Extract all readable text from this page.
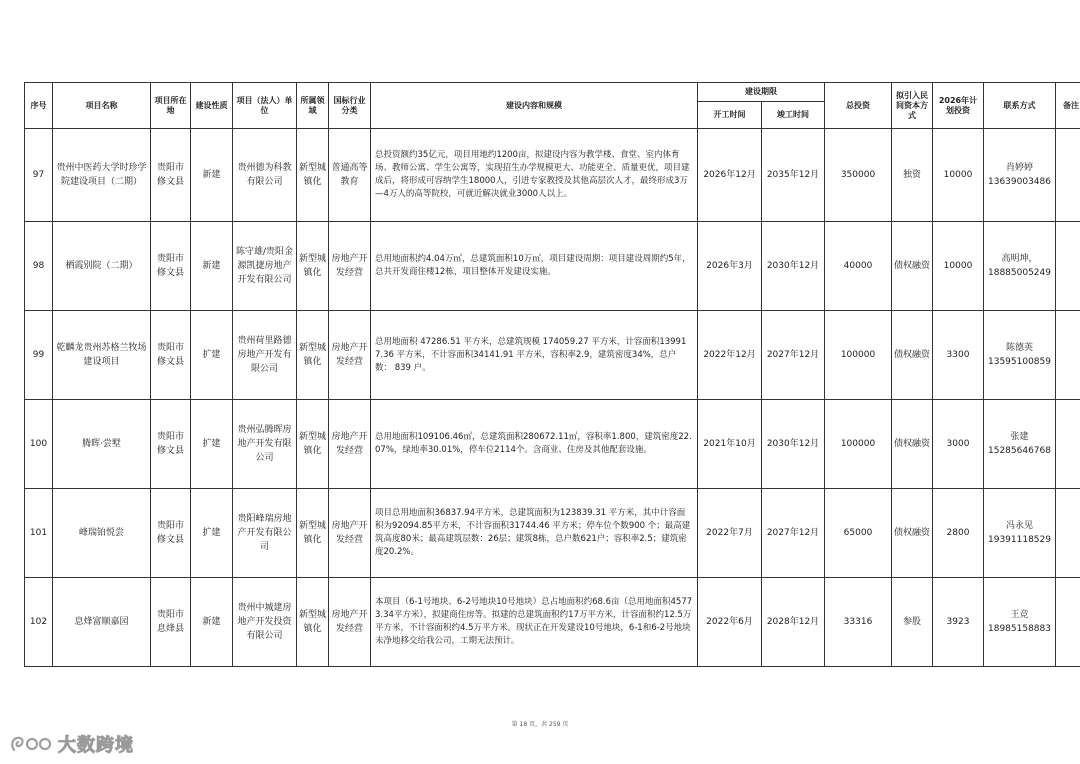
序号	项目名称	项目所在地	建设性质	项目（法人）单位	所属领域	国标行业分类	建设内容和规模	建设期限		总投资	拟引入民间资本方式	2026年计划投资	联系方式	备注
								开工时间	竣工时间					
97	贵州中医药大学时珍学院建设项目（二期）	贵阳市修文县	新建	贵州德为科教有限公司	新型城镇化	普通高等教育	总投资额约35亿元，项目用地约1200亩，拟建设内容为教学楼、食堂、室内体育场、教师公寓、学生公寓等，实现招生办学规模更大、功能更全、质量更优，项目建成后，将形成可容纳学生18000人，引进专家教授及其他高层次人才，最终形成3万—4万人的高等院校，可就近解决就业3000人以上。	2026年12月	2035年12月	350000	独资	10000	肖婷婷
13639003486	

98	栖霞别院（二期）	贵阳市修文县	新建	陈守雄/贵阳金源凯捷房地产开发有限公司	新型城镇化	房地产开发经营	总用地面积约4.04万㎡，总建筑面积10万㎡，项目建设周期：项目建设周期约5年，总共开发商住楼12栋，项目整体开发建设实施。	2026年3月	2030年12月	40000	债权融资	10000	高明坤，
18885005249	

99	乾麟龙贵州苏格兰牧场建设项目	贵阳市修文县	扩建	贵州荷里路德房地产开发有限公司	新型城镇化	房地产开发经营	总用地面积 47286.51 平方米，总建筑规模 174059.27 平方米，计容面积139917.36 平方米，不计容面积34141.91 平方米，容积率2.9，建筑密度34%，总户数： 839 户。	2022年12月	2027年12月	100000	债权融资	3300	陈德英
13595100859	

100	腾晖·尝墅	贵阳市修文县	扩建	贵州弘腾晖房地产开发有限公司	新型城镇化	房地产开发经营	总用地面积109106.46㎡，总建筑面积280672.11㎡，容积率1.800，建筑密度22.07%，绿地率30.01%，停车位2114个。含商业、住房及其他配套设施。	2021年10月	2030年12月	100000	债权融资	3000	张建
15285646768	

101	峰瑞铂悦尝	贵阳市修文县	扩建	贵阳峰瑞房地产开发有限公司	新型城镇化	房地产开发经营	项目总用地面积36837.94平方米，总建筑面积为123839.31 平方米，其中计容面积为92094.85平方米，不计容面积31744.46 平方米；停车位个数900 个；最高建筑高度80米；最高建筑层数：26层；建筑8栋，总户数621户；容积率2.5；建筑密度20.2%。	2022年7月	2027年12月	65000	债权融资	2800	冯永见
19391118529	

102	息烽富顺嘉园	贵阳市息烽县	新建	贵州中城建房地产开发投资有限公司	新型城镇化	房地产开发经营	本项目（6-1号地块、6-2号地块10号地块）总占地面积约68.6亩（总用地面积45773.34平方米），拟建商住房等。拟建的总建筑面积约17万平方米，计容面积约12.5万平方米，不计容面积约4.5万平方米。现状正在开发建设10号地块，6-1和6-2号地块未净地移交给我公司，工期无法预计。	2022年6月	2028年12月	33316	参股	3923	王竞
18985158883	

第 18 页，共 259 页
大数跨境
